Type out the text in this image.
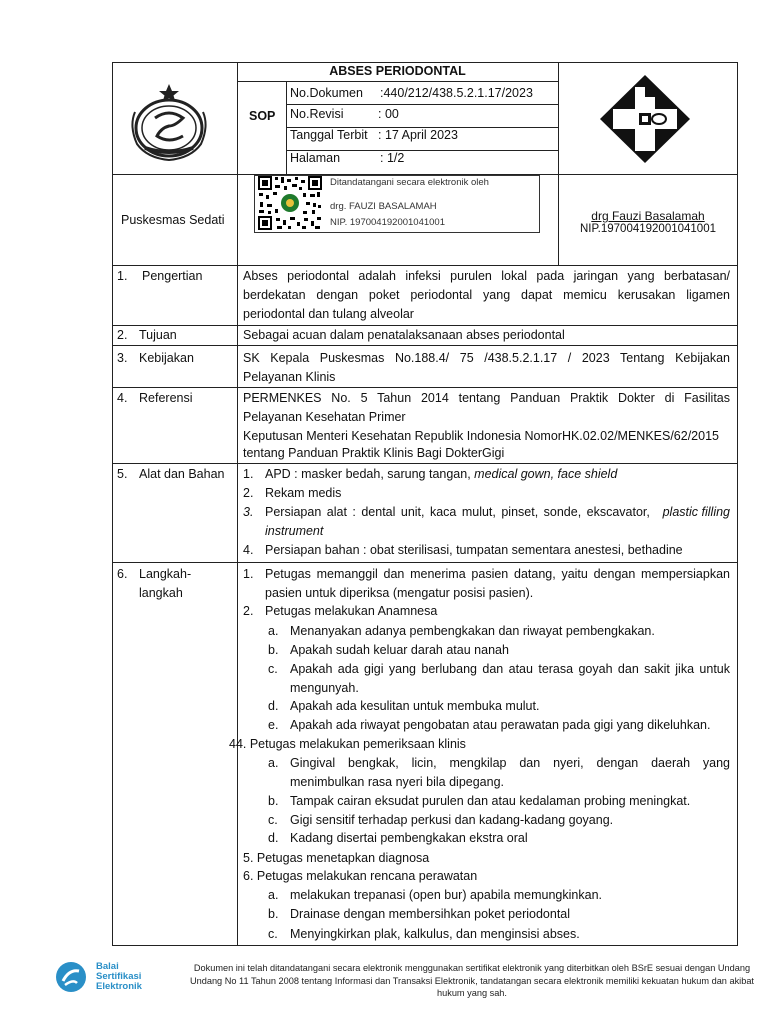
ABSES PERIODONTAL
SOP
No.Dokumen :440/212/438.5.2.1.17/2023
No.Revisi	: 00
Tanggal Terbit : 17 April 2023
Halaman	: 1/2
Puskesmas Sedati
Ditandatangani secara elektronik oleh
drg. FAUZI BASALAMAH
NIP. 197004192001041001	drg Fauzi Basalamah
NIP.197004192001041001
1. Pengertian	Abses periodontal adalah infeksi purulen lokal pada jaringan yang berbatasan/
berdekatan dengan poket periodontal yang dapat memicu kerusakan ligamen
periodontal dan tulang alveolar
2. Tujuan	Sebagai acuan dalam penatalaksanaan abses periodontal
3. Kebijakan	SK Kepala Puskesmas No.188.4/ 75 /438.5.2.1.17 / 2023 Tentang Kebijakan
Pelayanan Klinis
4. Referensi	PERMENKES No. 5 Tahun 2014 tentang Panduan Praktik Dokter di Fasilitas
Pelayanan Kesehatan Primer
Keputusan Menteri Kesehatan Republik Indonesia NomorHK.02.02/MENKES/62/2015
tentang Panduan Praktik Klinis Bagi DokterGigi
5. Alat dan Bahan 1. APD : masker bedah, sarung tangan, medical gown, face shield
2. Rekam medis
3. Persiapan alat : dental unit, kaca mulut, pinset, sonde, ekscavator, plastic filling
instrument
4. Persiapan bahan : obat sterilisasi, tumpatan sementara anestesi, bethadine
6. Langkah-
langkah
1. Petugas memanggil dan menerima pasien datang, yaitu dengan mempersiapkan
pasien untuk diperiksa (mengatur posisi pasien).
2. Petugas melakukan Anamnesa
a. Menanyakan adanya pembengkakan dan riwayat pembengkakan.
b. Apakah sudah keluar darah atau nanah
c. Apakah ada gigi yang berlubang dan atau terasa goyah dan sakit jika untuk
mengunyah.
d. Apakah ada kesulitan untuk membuka mulut.
e. Apakah ada riwayat pengobatan atau perawatan pada gigi yang dikeluhkan.
44. Petugas melakukan pemeriksaan klinis
a. Gingival bengkak, licin, mengkilap dan nyeri, dengan daerah yang
menimbulkan rasa nyeri bila dipegang.
b. Tampak cairan eksudat purulen dan atau kedalaman probing meningkat.
c. Gigi sensitif terhadap perkusi dan kadang-kadang goyang.
d. Kadang disertai pembengkakan ekstra oral
5. Petugas menetapkan diagnosa
6. Petugas melakukan rencana perawatan
a. melakukan trepanasi (open bur) apabila memungkinkan.
b. Drainase dengan membersihkan poket periodontal
c. Menyingkirkan plak, kalkulus, dan menginsisi abses.
Balai
Sertifikasi
Elektronik
Dokumen ini telah ditandatangani secara elektronik menggunakan sertifikat elektronik yang diterbitkan oleh BSrE sesuai dengan Undang
Undang No 11 Tahun 2008 tentang Informasi dan Transaksi Elektronik, tandatangan secara elektronik memiliki kekuatan hukum dan akibat
hukum yang sah.
